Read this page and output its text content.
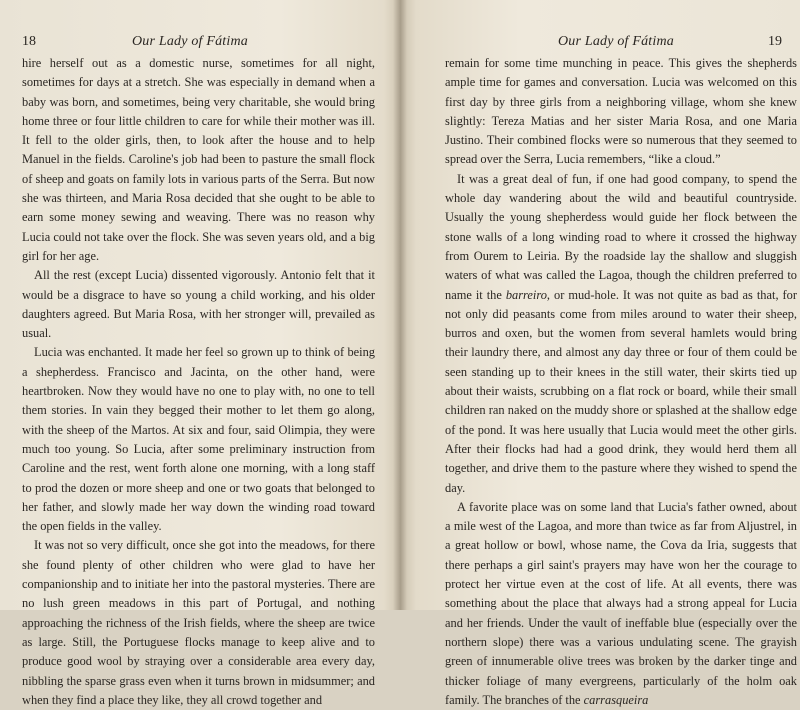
18	Our Lady of Fátima

hire herself out as a domestic nurse, sometimes for all night, sometimes for days at a stretch. She was especially in demand when a baby was born, and sometimes, being very charitable, she would bring home three or four little children to care for while their mother was ill. It fell to the older girls, then, to look after the house and to help Manuel in the fields. Caroline's job had been to pasture the small flock of sheep and goats on family lots in various parts of the Serra. But now she was thirteen, and Maria Rosa decided that she ought to be able to earn some money sewing and weaving. There was no reason why Lucia could not take over the flock. She was seven years old, and a big girl for her age.

All the rest (except Lucia) dissented vigorously. Antonio felt that it would be a disgrace to have so young a child working, and his older daughters agreed. But Maria Rosa, with her stronger will, prevailed as usual.

Lucia was enchanted. It made her feel so grown up to think of being a shepherdess. Francisco and Jacinta, on the other hand, were heartbroken. Now they would have no one to play with, no one to tell them stories. In vain they begged their mother to let them go along, with the sheep of the Martos. At six and four, said Olimpia, they were much too young. So Lucia, after some preliminary instruction from Caroline and the rest, went forth alone one morning, with a long staff to prod the dozen or more sheep and one or two goats that belonged to her father, and slowly made her way down the winding road toward the open fields in the valley.

It was not so very difficult, once she got into the meadows, for there she found plenty of other children who were glad to have her companionship and to initiate her into the pastoral mysteries. There are no lush green meadows in this part of Portugal, and nothing approaching the richness of the Irish fields, where the sheep are twice as large. Still, the Portuguese flocks manage to keep alive and to produce good wool by straying over a considerable area every day, nibbling the sparse grass even when it turns brown in midsummer; and when they find a place they like, they all crowd together and

Our Lady of Fátima	19

remain for some time munching in peace. This gives the shepherds ample time for games and conversation. Lucia was welcomed on this first day by three girls from a neighboring village, whom she knew slightly: Tereza Matias and her sister Maria Rosa, and one Maria Justino. Their combined flocks were so numerous that they seemed to spread over the Serra, Lucia remembers, “like a cloud.”

It was a great deal of fun, if one had good company, to spend the whole day wandering about the wild and beautiful countryside. Usually the young shepherdess would guide her flock between the stone walls of a long winding road to where it crossed the highway from Ourem to Leiria. By the roadside lay the shallow and sluggish waters of what was called the Lagoa, though the children preferred to name it the barreiro, or mud-hole. It was not quite as bad as that, for not only did peasants come from miles around to water their sheep, burros and oxen, but the women from several hamlets would bring their laundry there, and almost any day three or four of them could be seen standing up to their knees in the still water, their skirts tied up about their waists, scrubbing on a flat rock or board, while their small children ran naked on the muddy shore or splashed at the shallow edge of the pond. It was here usually that Lucia would meet the other girls. After their flocks had had a good drink, they would herd them all together, and drive them to the pasture where they wished to spend the day.

A favorite place was on some land that Lucia's father owned, about a mile west of the Lagoa, and more than twice as far from Aljustrel, in a great hollow or bowl, whose name, the Cova da Iria, suggests that there perhaps a girl saint's prayers may have won her the courage to protect her virtue even at the cost of life. At all events, there was something about the place that always had a strong appeal for Lucia and her friends. Under the vault of ineffable blue (especially over the northern slope) there was a various undulating scene. The grayish green of innumerable olive trees was broken by the darker tinge and thicker foliage of many evergreens, particularly of the holm oak family. The branches of the carrasqueira
